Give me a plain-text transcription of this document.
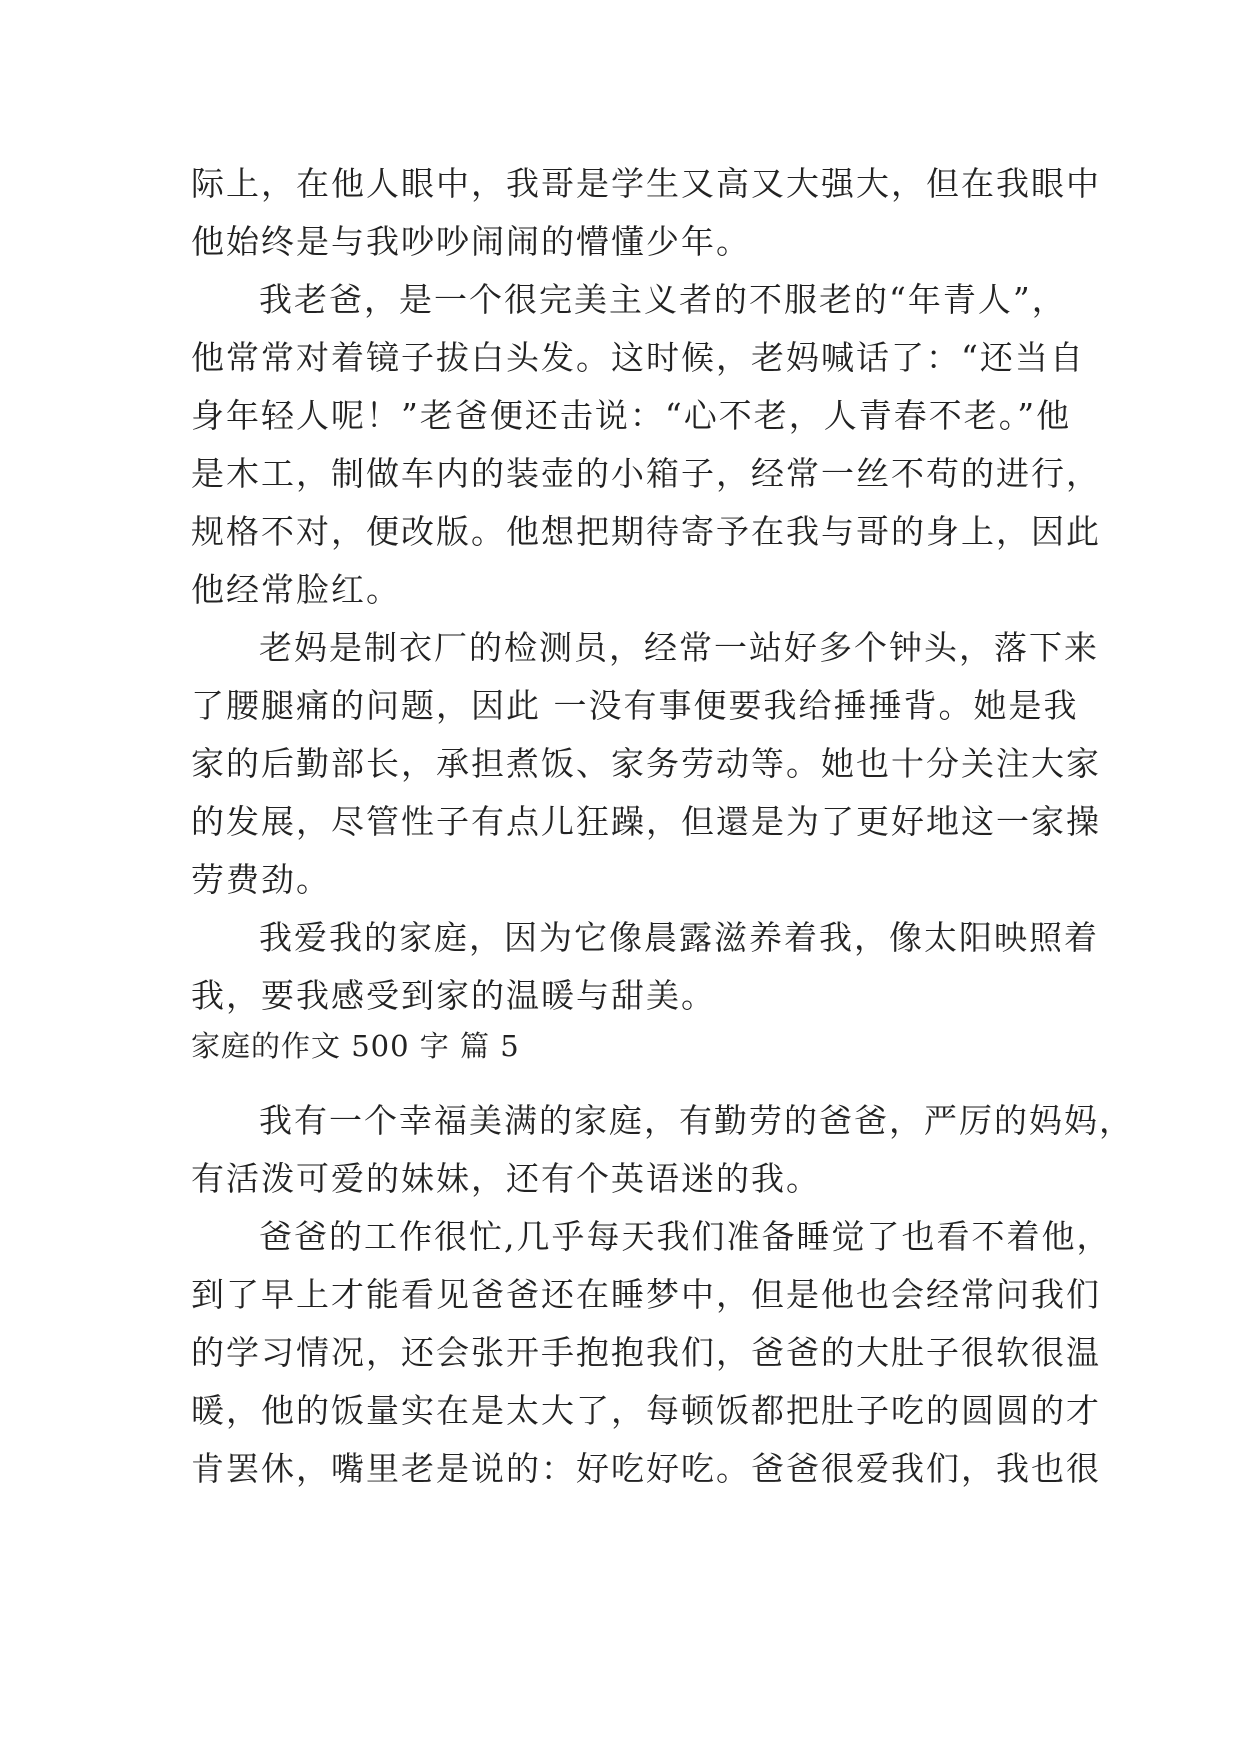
际上，在他人眼中，我哥是学生又高又大强大，但在我眼中
他始终是与我吵吵闹闹的懵懂少年。
我老爸，是一个很完美主义者的不服老的“年青人”，
他常常对着镜子拔白头发。这时候，老妈喊话了：“还当自
身年轻人呢！”老爸便还击说：“心不老，人青春不老。”他
是木工，制做车内的装壶的小箱子，经常一丝不苟的进行，
规格不对，便改版。他想把期待寄予在我与哥的身上，因此
他经常脸红。
老妈是制衣厂的检测员，经常一站好多个钟头，落下来
了腰腿痛的问题，因此 一没有事便要我给捶捶背。她是我
家的后勤部长，承担煮饭、家务劳动等。她也十分关注大家
的发展，尽管性子有点儿狂躁，但還是为了更好地这一家操
劳费劲。
我爱我的家庭，因为它像晨露滋养着我，像太阳映照着
我，要我感受到家的温暖与甜美。
家庭的作文 500 字 篇 5
我有一个幸福美满的家庭，有勤劳的爸爸，严厉的妈妈，
有活泼可爱的妹妹，还有个英语迷的我。
爸爸的工作很忙,几乎每天我们准备睡觉了也看不着他，
到了早上才能看见爸爸还在睡梦中，但是他也会经常问我们
的学习情况，还会张开手抱抱我们，爸爸的大肚子很软很温
暖，他的饭量实在是太大了，每顿饭都把肚子吃的圆圆的才
肯罢休，嘴里老是说的：好吃好吃。爸爸很爱我们，我也很
